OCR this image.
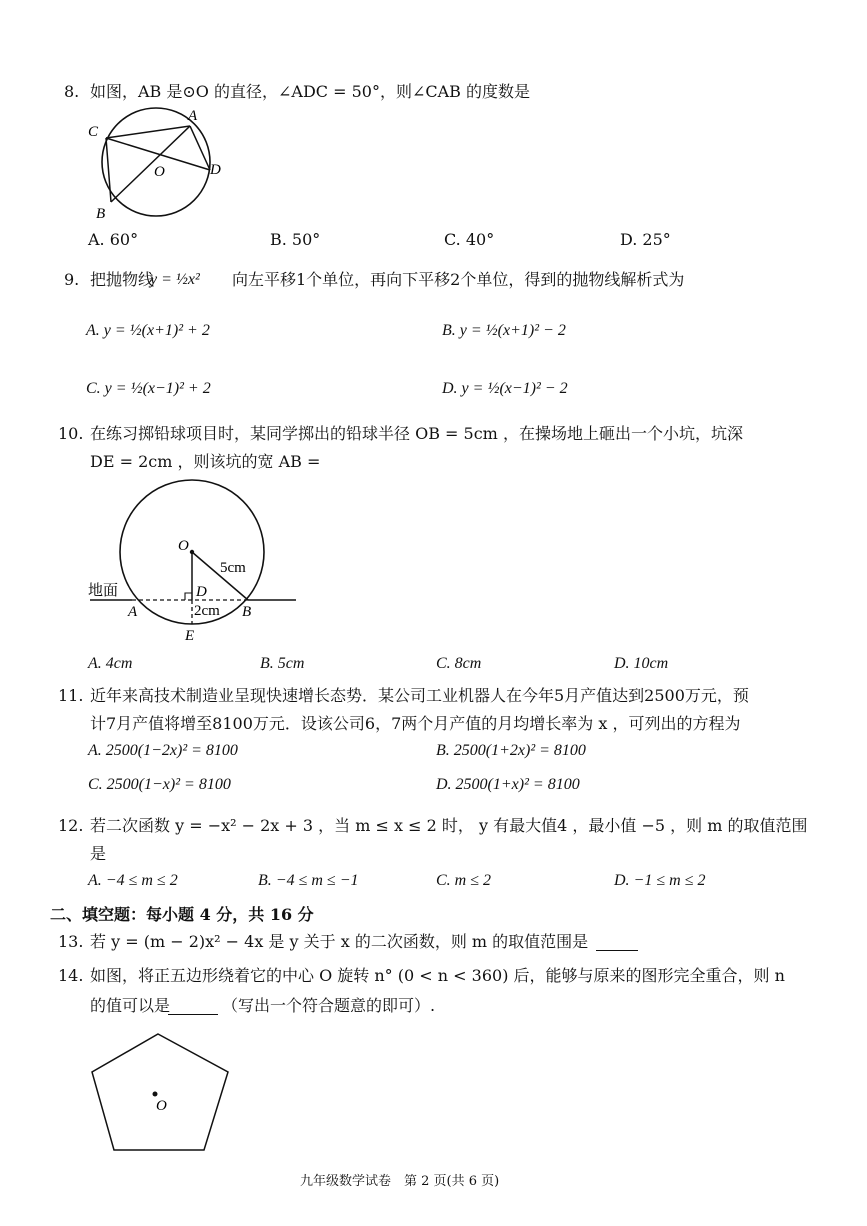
8. 如图，AB 是⊙O 的直径，∠ADC = 50°，则∠CAB 的度数是
C
A
D
B
O
A. 60°	B. 50°	C. 40°	D. 25°
9. 把抛物线
y = ½x² 向左平移1个单位，再向下平移2个单位，得到的抛物线解析式为
A. y = ½(x+1)² + 2	B. y = ½(x+1)² − 2
C. y = ½(x−1)² + 2	D. y = ½(x−1)² − 2
10. 在练习掷铅球项目时，某同学掷出的铅球半径 OB = 5cm ，在操场地上砸出一个小坑，坑深
DE = 2cm ，则该坑的宽 AB =
地面
O
5cm
D
2cm
A	B
E
A. 4cm	B. 5cm	C. 8cm	D. 10cm
11. 近年来高技术制造业呈现快速增长态势．某公司工业机器人在今年5月产值达到2500万元，预
计7月产值将增至8100万元．设该公司6，7两个月产值的月均增长率为 x ，可列出的方程为
A. 2500(1−2x)² = 8100	B. 2500(1+2x)² = 8100
C. 2500(1−x)² = 8100	D. 2500(1+x)² = 8100
12. 若二次函数 y = −x² − 2x + 3 ，当 m ≤ x ≤ 2 时， y 有最大值4 ，最小值 −5 ，则 m 的取值范围
是
A. −4 ≤ m ≤ 2	B. −4 ≤ m ≤ −1	C. m ≤ 2	D. −1 ≤ m ≤ 2
二、填空题：每小题 4 分，共 16 分
13. 若 y = (m − 2)x² − 4x 是 y 关于 x 的二次函数，则 m 的取值范围是
14. 如图，将正五边形绕着它的中心 O 旋转 n° (0 < n < 360) 后，能够与原来的图形完全重合，则 n
的值可以是	（写出一个符合题意的即可）.
O
九年级数学试卷　第 2 页(共 6 页)
